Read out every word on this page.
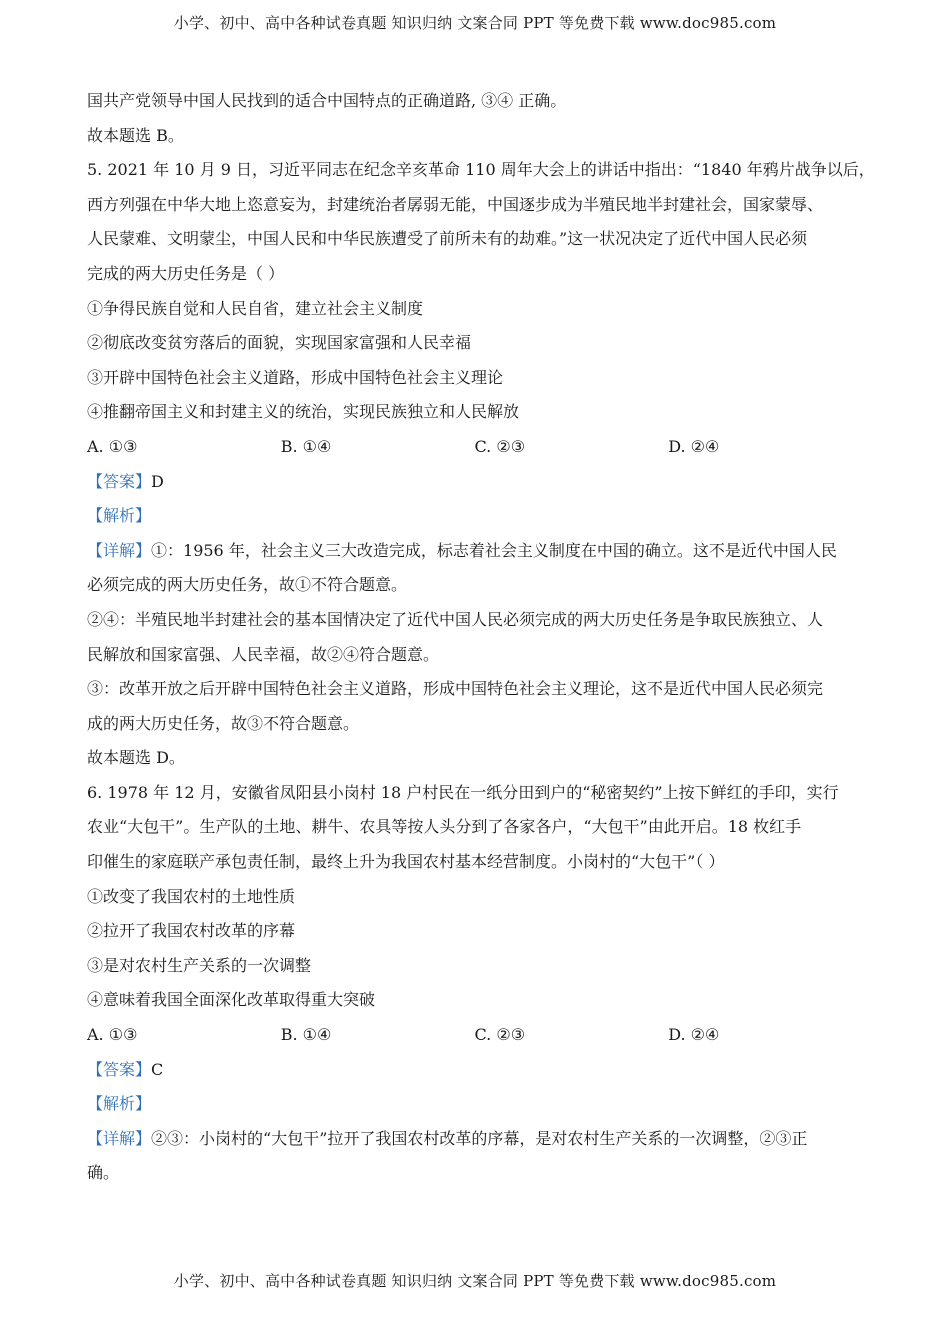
小学、初中、高中各种试卷真题 知识归纳 文案合同 PPT 等免费下载 www.doc985.com
国共产党领导中国人民找到的适合中国特点的正确道路, ③④ 正确。
故本题选 B。
5. 2021 年 10 月 9 日，习近平同志在纪念辛亥革命 110 周年大会上的讲话中指出：“1840 年鸦片战争以后，
西方列强在中华大地上恣意妄为，封建统治者孱弱无能，中国逐步成为半殖民地半封建社会，国家蒙辱、
人民蒙难、文明蒙尘，中国人民和中华民族遭受了前所未有的劫难。”这一状况决定了近代中国人民必须
完成的两大历史任务是（ ）
①争得民族自觉和人民自省，建立社会主义制度
②彻底改变贫穷落后的面貌，实现国家富强和人民幸福
③开辟中国特色社会主义道路，形成中国特色社会主义理论
④推翻帝国主义和封建主义的统治，实现民族独立和人民解放
A. ①③	B. ①④	C. ②③	D. ②④
【答案】D
【解析】
【详解】①：1956 年，社会主义三大改造完成，标志着社会主义制度在中国的确立。这不是近代中国人民
必须完成的两大历史任务，故①不符合题意。
②④：半殖民地半封建社会的基本国情决定了近代中国人民必须完成的两大历史任务是争取民族独立、人
民解放和国家富强、人民幸福，故②④符合题意。
③：改革开放之后开辟中国特色社会主义道路，形成中国特色社会主义理论，这不是近代中国人民必须完
成的两大历史任务，故③不符合题意。
故本题选 D。
6. 1978 年 12 月，安徽省凤阳县小岗村 18 户村民在一纸分田到户的“秘密契约”上按下鲜红的手印，实行
农业“大包干”。生产队的土地、耕牛、农具等按人头分到了各家各户，“大包干”由此开启。18 枚红手
印催生的家庭联产承包责任制，最终上升为我国农村基本经营制度。小岗村的“大包干”（ ）
①改变了我国农村的土地性质
②拉开了我国农村改革的序幕
③是对农村生产关系的一次调整
④意味着我国全面深化改革取得重大突破
A. ①③	B. ①④	C. ②③	D. ②④
【答案】C
【解析】
【详解】②③：小岗村的“大包干”拉开了我国农村改革的序幕，是对农村生产关系的一次调整，②③正
确。
小学、初中、高中各种试卷真题 知识归纳 文案合同 PPT 等免费下载 www.doc985.com
